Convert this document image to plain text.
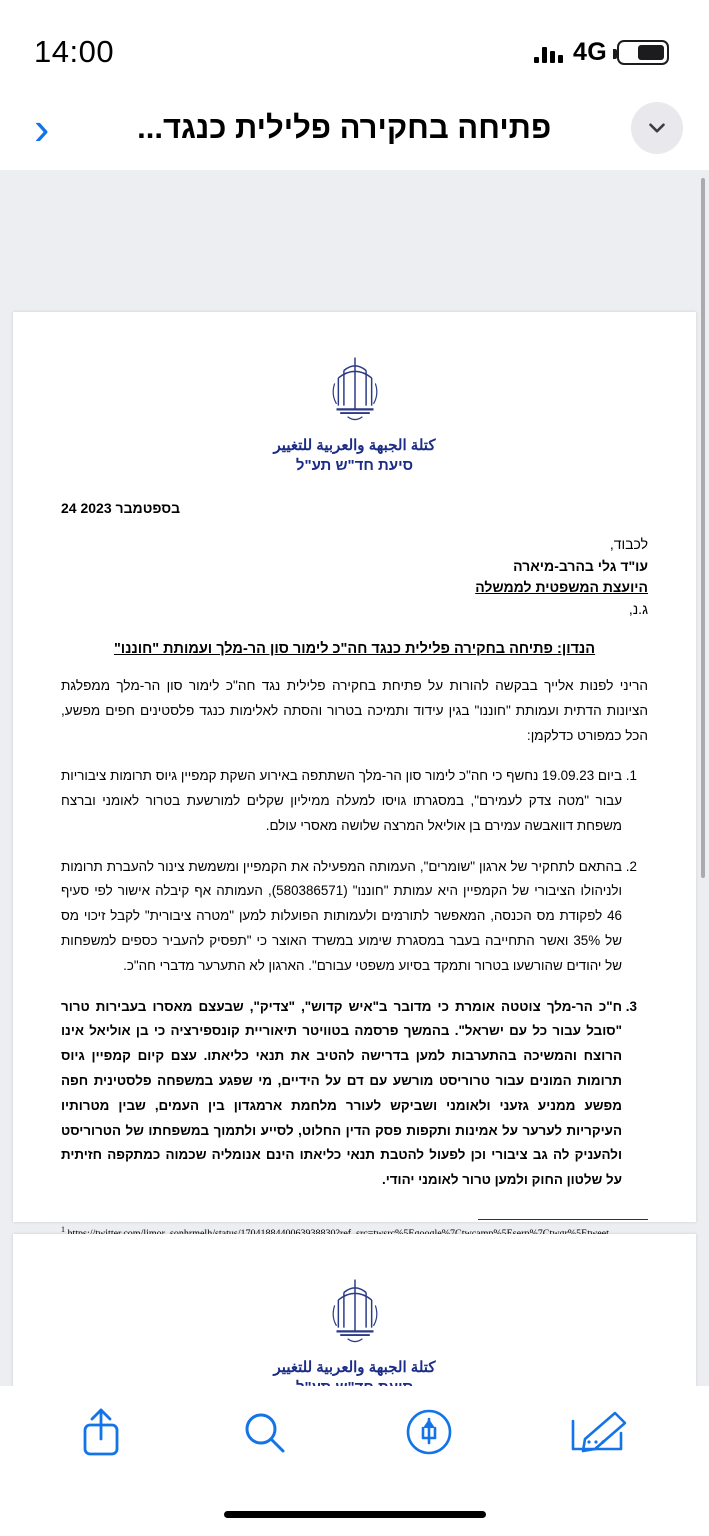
4G
14:00
פתיחה בחקירה פלילית כנגד...
›
كتلة الجبهة والعربية للتغيير
סיעת חד"ש תע"ל
24 בספטמבר 2023
לכבוד,
עו"ד גלי בהרב-מיארה
היועצת המשפטית לממשלה
ג.נ,
הנדון: פתיחה בחקירה פלילית כנגד חה"כ לימור סון הר-מלך ועמותת "חוננו"
הריני לפנות אלייך בבקשה להורות על פתיחת בחקירה פלילית נגד חה"כ לימור סון הר-מלך ממפלגת הציונות הדתית ועמותת "חוננו" בגין עידוד ותמיכה בטרור והסתה לאלימות כנגד פלסטינים חפים מפשע, הכל כמפורט כדלקמן:
1. ביום 19.09.23 נחשף כי חה"כ לימור סון הר-מלך השתתפה באירוע השקת קמפיין גיוס תרומות ציבוריות עבור "מטה צדק לעמירם", במסגרתו גויסו למעלה ממיליון שקלים למורשעת בטרור לאומני וברצח משפחת דוואבשה עמירם בן אוליאל המרצה שלושה מאסרי עולם.
2. בהתאם לתחקיר של ארגון "שומרים", העמותה המפעילה את הקמפיין ומשמשת צינור להעברת תרומות ולניהולו הציבורי של הקמפיין היא עמותת "חוננו" (580386571), העמותה אף קיבלה אישור לפי סעיף 46 לפקודת מס הכנסה, המאפשר לתורמים ולעמותות הפועלות למען "מטרה ציבורית" לקבל זיכוי מס של 35% ואשר התחייבה בעבר במסגרת שימוע במשרד האוצר כי "תפסיק להעביר כספים למשפחות של יהודים שהורשעו בטרור ותמקד בסיוע משפטי עבורם". הארגון לא התערער מדברי חה"כ.
3. ח"כ הר-מלך צוטטה אומרת כי מדובר ב"איש קדוש", "צדיק", שבעצם מאסרו בעבירות טרור "סובל עבור כל עם ישראל". בהמשך פרסמה בטוויטר תיאוריית קונספירציה כי בן אוליאל אינו הרוצח והמשיכה בהתערבות למען בדרישה להטיב את תנאי כליאתו. עצם קיום קמפיין גיוס תרומות המונים עבור טרוריסט מורשע עם דם על הידיים, מי שפגע במשפחה פלסטינית חפה מפשע ממניע גזעני ולאומני ושביקש לעורר מלחמת ארמגדון בין העמים, שבין מטרותיו העיקריות לערער על אמינות ותקפות פסק הדין החלוט, לסייע ולתמוך במשפחתו של הטרוריסט ולהעניק לה גב ציבורי וכן לפעול להטבת תנאי כליאתו הינם אנומליה שכמוה כמתקפה חזיתית על שלטון החוק ולמען טרור לאומני יהודי.
$^1$
كتلة الجبهة والعربية للتغيير
